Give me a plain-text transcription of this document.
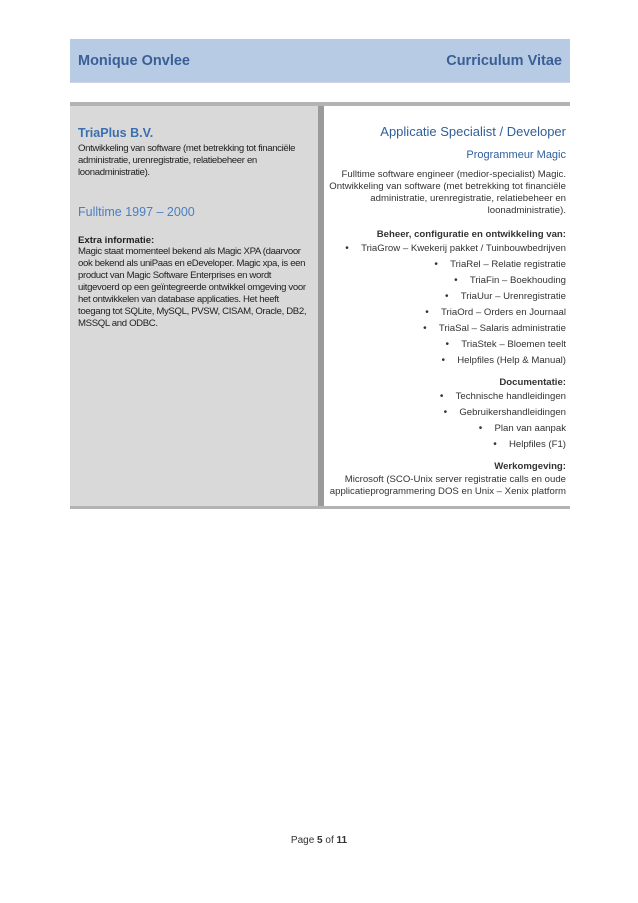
Monique Onvlee	Curriculum Vitae
TriaPlus B.V.
Ontwikkeling van software (met betrekking tot financiële administratie, urenregistratie, relatiebeheer en loonadministratie).
Fulltime 1997 – 2000
Extra informatie:
Magic staat momenteel bekend als Magic XPA (daarvoor ook bekend als uniPaas en eDeveloper. Magic xpa, is een product van Magic Software Enterprises en wordt uitgevoerd op een geïntegreerde ontwikkel omgeving voor het ontwikkelen van database applicaties. Het heeft toegang tot SQLite, MySQL, PVSW, CISAM, Oracle, DB2, MSSQL and ODBC.
Applicatie Specialist / Developer
Programmeur Magic
Fulltime software engineer (medior-specialist) Magic. Ontwikkeling van software (met betrekking tot financiële administratie, urenregistratie, relatiebeheer en loonadministratie).
Beheer, configuratie en ontwikkeling van:
• TriaGrow – Kwekerij pakket / Tuinbouwbedrijven
• TriaRel – Relatie registratie
• TriaFin – Boekhouding
• TriaUur – Urenregistratie
• TriaOrd – Orders en Journaal
• TriaSal – Salaris administratie
• TriaStek – Bloemen teelt
• Helpfiles (Help & Manual)
Documentatie:
• Technische handleidingen
• Gebruikershandleidingen
• Plan van aanpak
• Helpfiles (F1)
Werkomgeving:
Microsoft (SCO-Unix server registratie calls en oude applicatieprogrammering DOS en Unix – Xenix platform
Page 5 of 11
